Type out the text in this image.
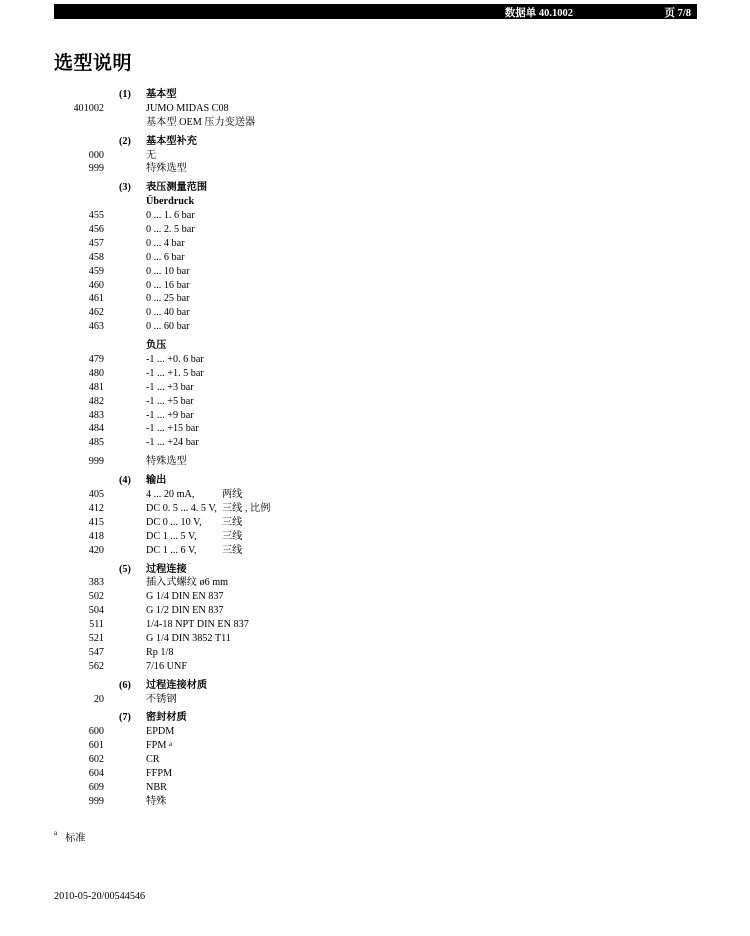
数据单 40.1002	页 7/8
选型说明
(1) 基本型
401002	JUMO MIDAS C08
基本型 OEM 压力变送器
(2) 基本型补充
000	无
999	特殊选型
(3) 表压测量范围
Überdruck
455	0 ... 1. 6 bar
456	0 ... 2. 5 bar
457	0 ... 4 bar
458	0 ... 6 bar
459	0 ... 10 bar
460	0 ... 16 bar
461	0 ... 25 bar
462	0 ... 40 bar
463	0 ... 60 bar
负压
479	-1 ... +0. 6 bar
480	-1 ... +1. 5 bar
481	-1 ... +3 bar
482	-1 ... +5 bar
483	-1 ... +9 bar
484	-1 ... +15 bar
485	-1 ... +24 bar
999	特殊选型
(4) 输出
405	4 ... 20 mA,	两线
412	DC 0. 5 ... 4. 5 V, 三线 , 比例
415	DC 0 ... 10 V, 三线
418	DC 1 ... 5 V, 三线
420	DC 1 ... 6 V, 三线
(5) 过程连接
383	插入式螺纹 ø6 mm
502	G 1/4 DIN EN 837
504	G 1/2 DIN EN 837
511	1/4-18 NPT DIN EN 837
521	G 1/4 DIN 3852 T11
547	Rp 1/8
562	7/16 UNF
(6) 过程连接材质
20	不锈钢
(7) 密封材质
600	EPDM
601	FPM $^a$
602	CR
604	FFPM
609	NBR
999	特殊
$^a$ 标准
2010-05-20/00544546
